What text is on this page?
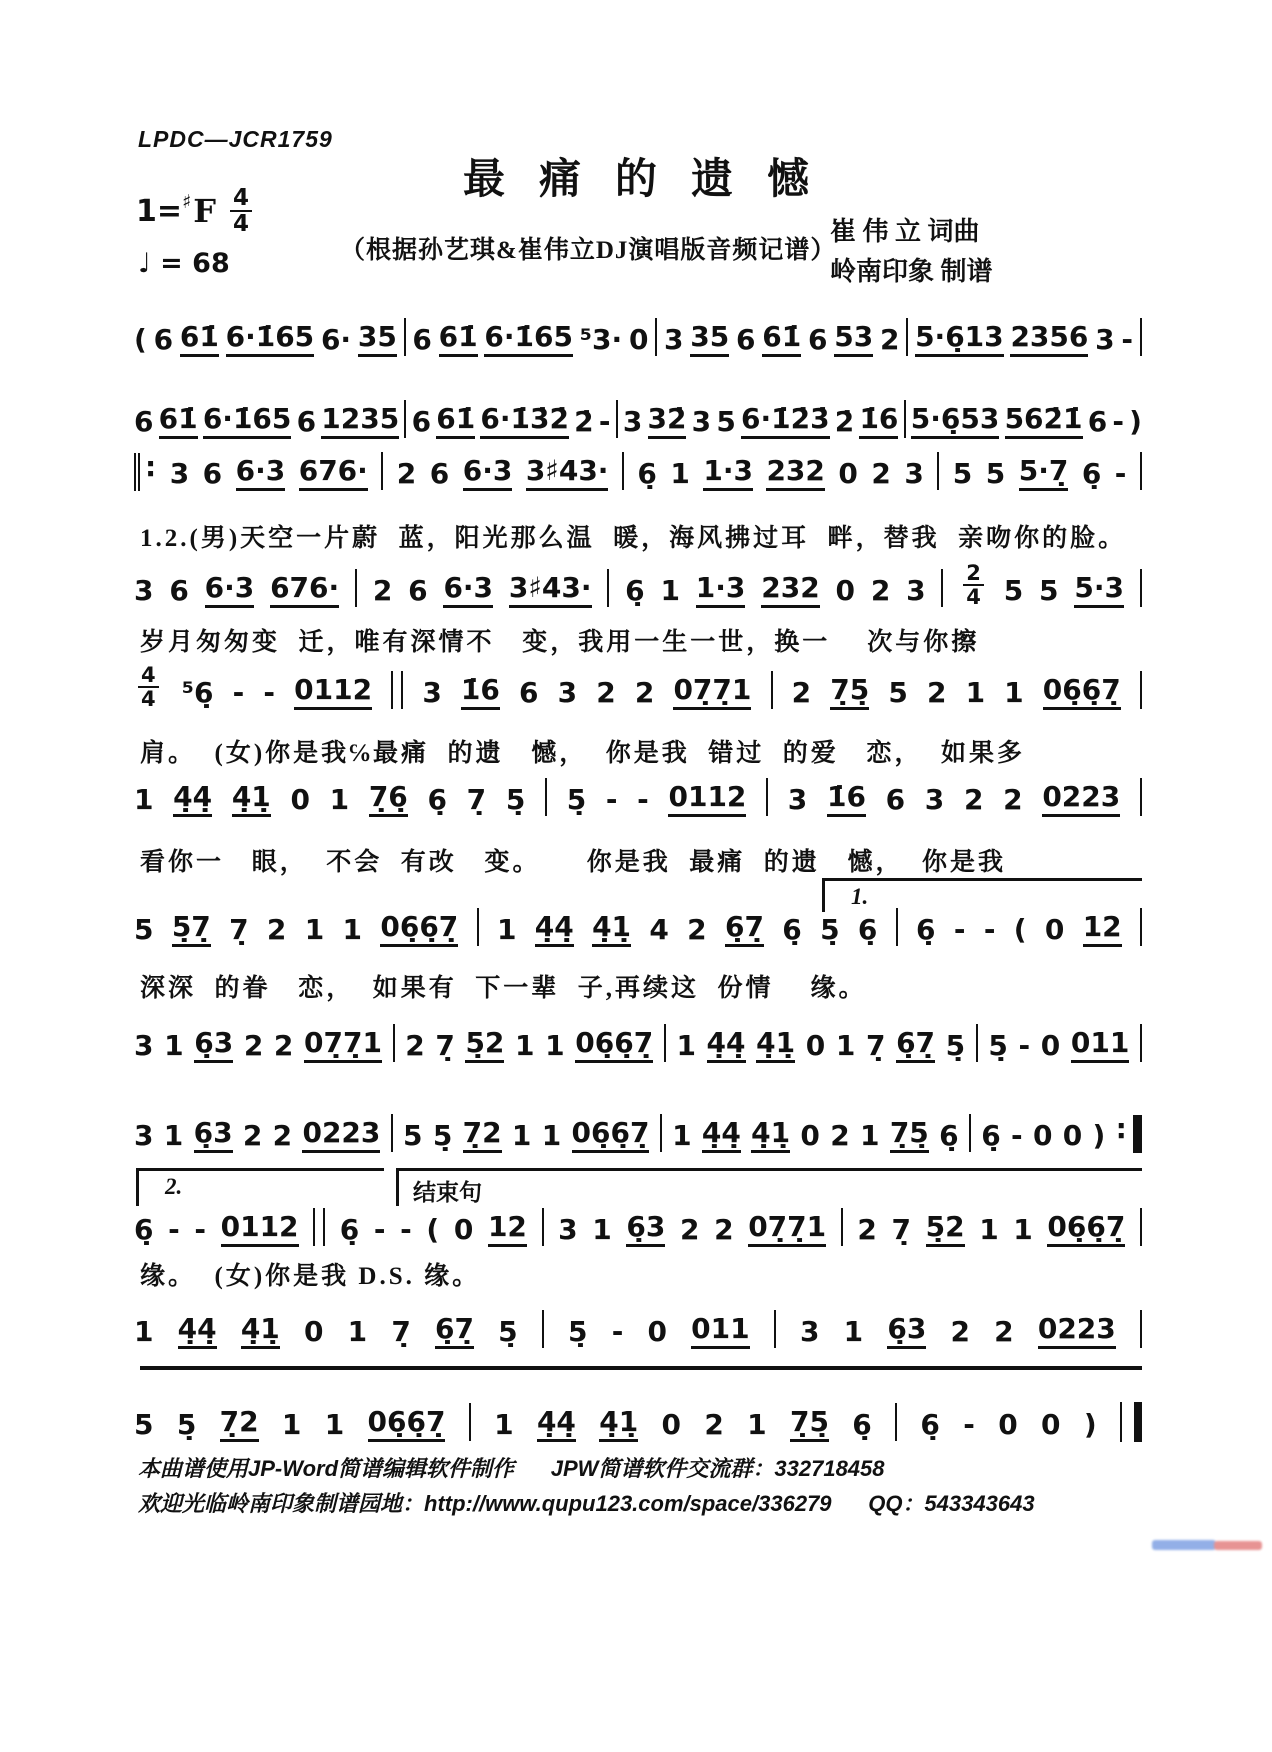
LPDC—JCR1759
最痛的遗憾
1= ♯ F $\frac{4}{4}$
♩ = 68	（根据孙艺琪&崔伟立DJ演唱版音频记谱）
崔 伟 立 词曲
岭南印象 制谱
( 6 61̇ 6·1̇65 6· 35 6 61̇ 6·1̇65 ⁵3· 0 3 35 6 61̇ 6 53 2 5·6̣13 2356 3 -
6 61̇ 6·1̇65 6 1235 6 61̇ 6·1̇3̇2̇ 2̇ - 3 32̇ 3 5 6·1̇2̇3̇ 2̇ 1̇6 5·6̣53 562̇1̇ 6 - )
: 3 6 6·3 676· 2 6 6·3 3♯43· 6̣ 1 1·3 232 0 2 3 5 5 5·7̣ 6̣ -
1.2.(男)天空一片蔚  蓝，阳光那么温  暖，海风拂过耳  畔，替我  亲吻你的脸。
3 6 6·3 676· 2 6 6·3 3♯43· 6̣ 1 1·3 232 0 2 3
2
4 5 5 5·3
岁月匆匆变  迁，唯有深情不   变，我用一生一世，换一    次与你擦
4
4 ⁵6̣ - - 0112 3 1̇6 6 3 2 2 07̣7̣1 2 7̣5̣ 5 2 1 1 06̣6̣7̣
肩。  (女)你是我℅最痛  的遗   憾，  你是我  错过  的爱   恋，  如果多
1 4̣4̣ 4̣1̣ 0 1 7̣6̣ 6̣ 7̣ 5̣ 5̣ - - 0112 3 1̇6 6 3 2 2 0223
看你一   眼，  不会  有改   变。     你是我  最痛  的遗   憾，  你是我
1.
5 5̣7̣ 7̣ 2 1 1 06̣6̣7̣ 1 4̣4̣ 4̣1̣ 4 2 6̣7̣ 6̣ 5̣ 6̣ 6̣ - - ( 0 12
深深  的眷   恋，  如果有  下一辈  子,再续这  份情    缘。
3 1 6̣3 2 2 07̣7̣1 2 7̣ 5̣2 1 1 06̣6̣7̣ 1 4̣4̣ 4̣1̣ 0 1 7̣ 6̣7̣ 5̣ 5̣ - 0 011
3 1 6̣3 2 2 0223 5 5̣ 7̣2 1 1 06̣6̣7̣ 1 4̣4̣ 4̣1̣ 0 2 1 7̣5̣ 6̣ 6̣ - 0 0 ) :
2.	结束句
6̣ - - 0112 6̣ - - ( 0 12 3 1 6̣3 2 2 07̣7̣1 2 7̣ 5̣2 1 1 06̣6̣7̣
缘。  (女)你是我 D.S. 缘。
1 4̣4̣ 4̣1̣ 0 1 7̣ 6̣7̣ 5̣ 5̣ - 0 011 3 1 6̣3 2 2 0223
5 5̣ 7̣2 1 1 06̣6̣7̣ 1 4̣4̣ 4̣1̣ 0 2 1 7̣5̣ 6̣ 6̣ - 0 0 )
本曲谱使用JP-Word简谱编辑软件制作      JPW简谱软件交流群：332718458
欢迎光临岭南印象制谱园地：http://www.qupu123.com/space/336279      QQ：543343643
